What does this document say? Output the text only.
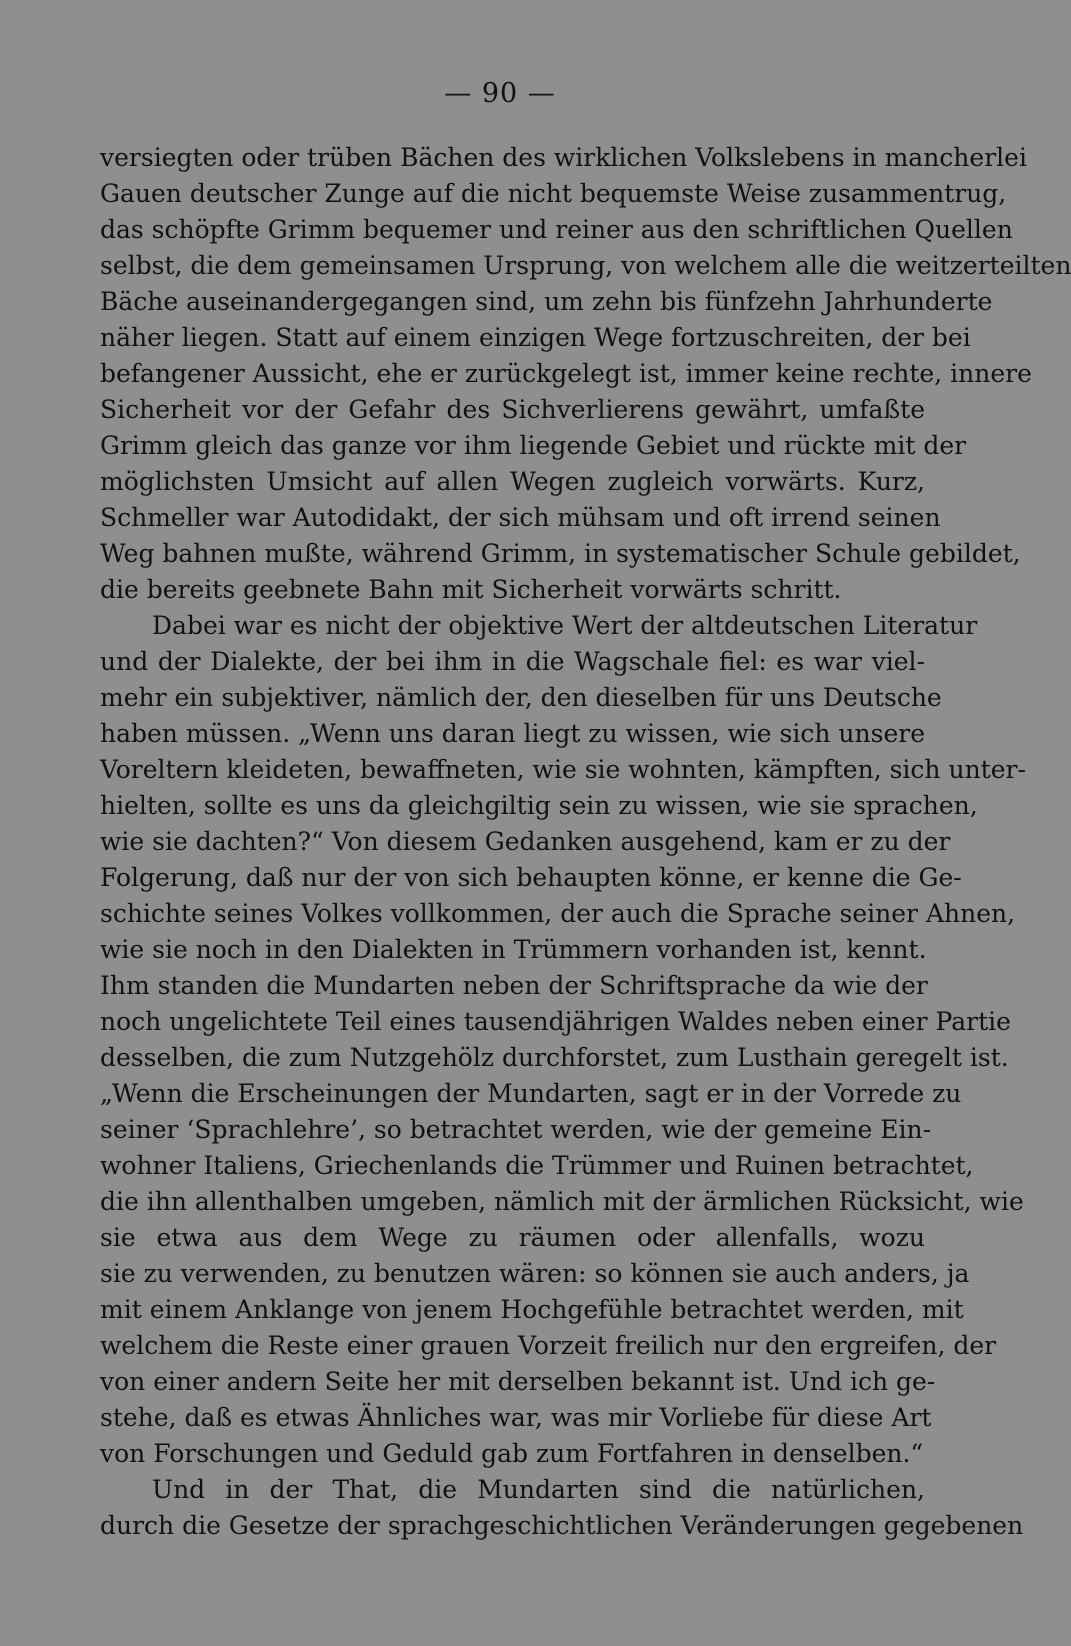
— 90 —
versiegten oder trüben Bächen des wirklichen Volkslebens in mancherlei
Gauen deutscher Zunge auf die nicht bequemste Weise zusammentrug,
das schöpfte Grimm bequemer und reiner aus den schriftlichen Quellen
selbst, die dem gemeinsamen Ursprung, von welchem alle die weitzerteilten
Bäche auseinandergegangen sind, um zehn bis fünfzehn Jahrhunderte
näher liegen. Statt auf einem einzigen Wege fortzuschreiten, der bei
befangener Aussicht, ehe er zurückgelegt ist, immer keine rechte, innere
Sicherheit vor der Gefahr des Sichverlierens gewährt, umfaßte
Grimm gleich das ganze vor ihm liegende Gebiet und rückte mit der
möglichsten Umsicht auf allen Wegen zugleich vorwärts. Kurz,
Schmeller war Autodidakt, der sich mühsam und oft irrend seinen
Weg bahnen mußte, während Grimm, in systematischer Schule gebildet,
die bereits geebnete Bahn mit Sicherheit vorwärts schritt.
Dabei war es nicht der objektive Wert der altdeutschen Literatur
und der Dialekte, der bei ihm in die Wagschale fiel: es war viel-
mehr ein subjektiver, nämlich der, den dieselben für uns Deutsche
haben müssen. „Wenn uns daran liegt zu wissen, wie sich unsere
Voreltern kleideten, bewaffneten, wie sie wohnten, kämpften, sich unter-
hielten, sollte es uns da gleichgiltig sein zu wissen, wie sie sprachen,
wie sie dachten?“ Von diesem Gedanken ausgehend, kam er zu der
Folgerung, daß nur der von sich behaupten könne, er kenne die Ge-
schichte seines Volkes vollkommen, der auch die Sprache seiner Ahnen,
wie sie noch in den Dialekten in Trümmern vorhanden ist, kennt.
Ihm standen die Mundarten neben der Schriftsprache da wie der
noch ungelichtete Teil eines tausendjährigen Waldes neben einer Partie
desselben, die zum Nutzgehölz durchforstet, zum Lusthain geregelt ist.
„Wenn die Erscheinungen der Mundarten, sagt er in der Vorrede zu
seiner ‘Sprachlehre’, so betrachtet werden, wie der gemeine Ein-
wohner Italiens, Griechenlands die Trümmer und Ruinen betrachtet,
die ihn allenthalben umgeben, nämlich mit der ärmlichen Rücksicht, wie
sie etwa aus dem Wege zu räumen oder allenfalls, wozu
sie zu verwenden, zu benutzen wären: so können sie auch anders, ja
mit einem Anklange von jenem Hochgefühle betrachtet werden, mit
welchem die Reste einer grauen Vorzeit freilich nur den ergreifen, der
von einer andern Seite her mit derselben bekannt ist. Und ich ge-
stehe, daß es etwas Ähnliches war, was mir Vorliebe für diese Art
von Forschungen und Geduld gab zum Fortfahren in denselben.“
Und in der That, die Mundarten sind die natürlichen,
durch die Gesetze der sprachgeschichtlichen Veränderungen gegebenen
